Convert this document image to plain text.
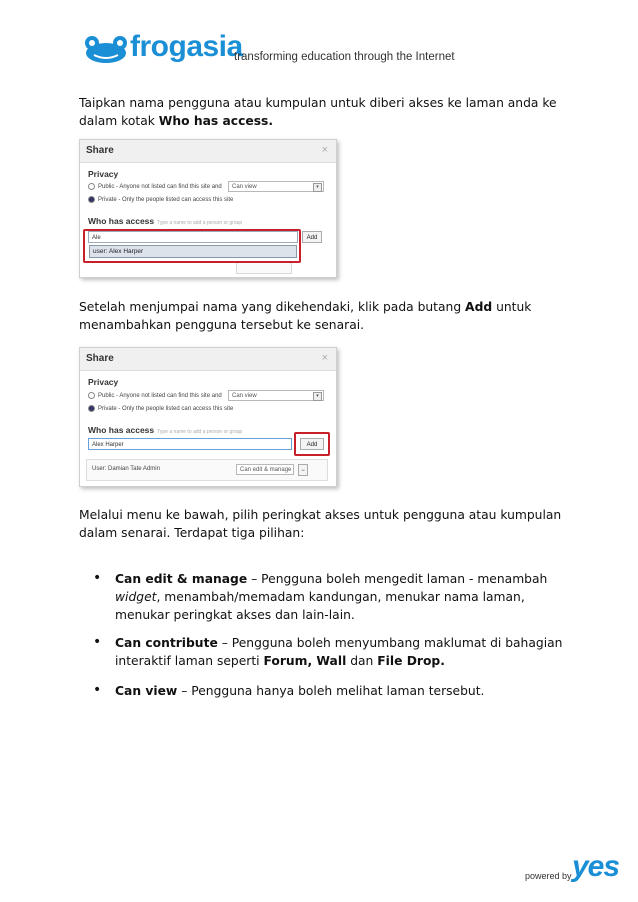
frogasia
transforming education through the Internet
Taipkan nama pengguna atau kumpulan untuk diberi akses ke laman anda ke dalam kotak Who has access.
Share	×
Privacy
Public - Anyone not listed can find this site and	Can view	▾
Private - Only the people listed can access this site
Who has access Type a name to add a person or group
Ale	Add
user: Alex Harper
Setelah menjumpai nama yang dikehendaki, klik pada butang Add untuk menambahkan pengguna tersebut ke senarai.
Share	×
Privacy
Public - Anyone not listed can find this site and	Can view	▾
Private - Only the people listed can access this site
Who has access Type a name to add a person or group
Alex Harper	Add
User: Damian Tate Admin	Can edit & manage	−
Melalui menu ke bawah, pilih peringkat akses untuk pengguna atau kumpulan dalam senarai. Terdapat tiga pilihan:
• Can edit & manage – Pengguna boleh mengedit laman - menambah widget, menambah/memadam kandungan, menukar nama laman, menukar peringkat akses dan lain-lain.
• Can contribute – Pengguna boleh menyumbang maklumat di bahagian interaktif laman seperti Forum, Wall dan File Drop.
• Can view – Pengguna hanya boleh melihat laman tersebut.
powered by yes
